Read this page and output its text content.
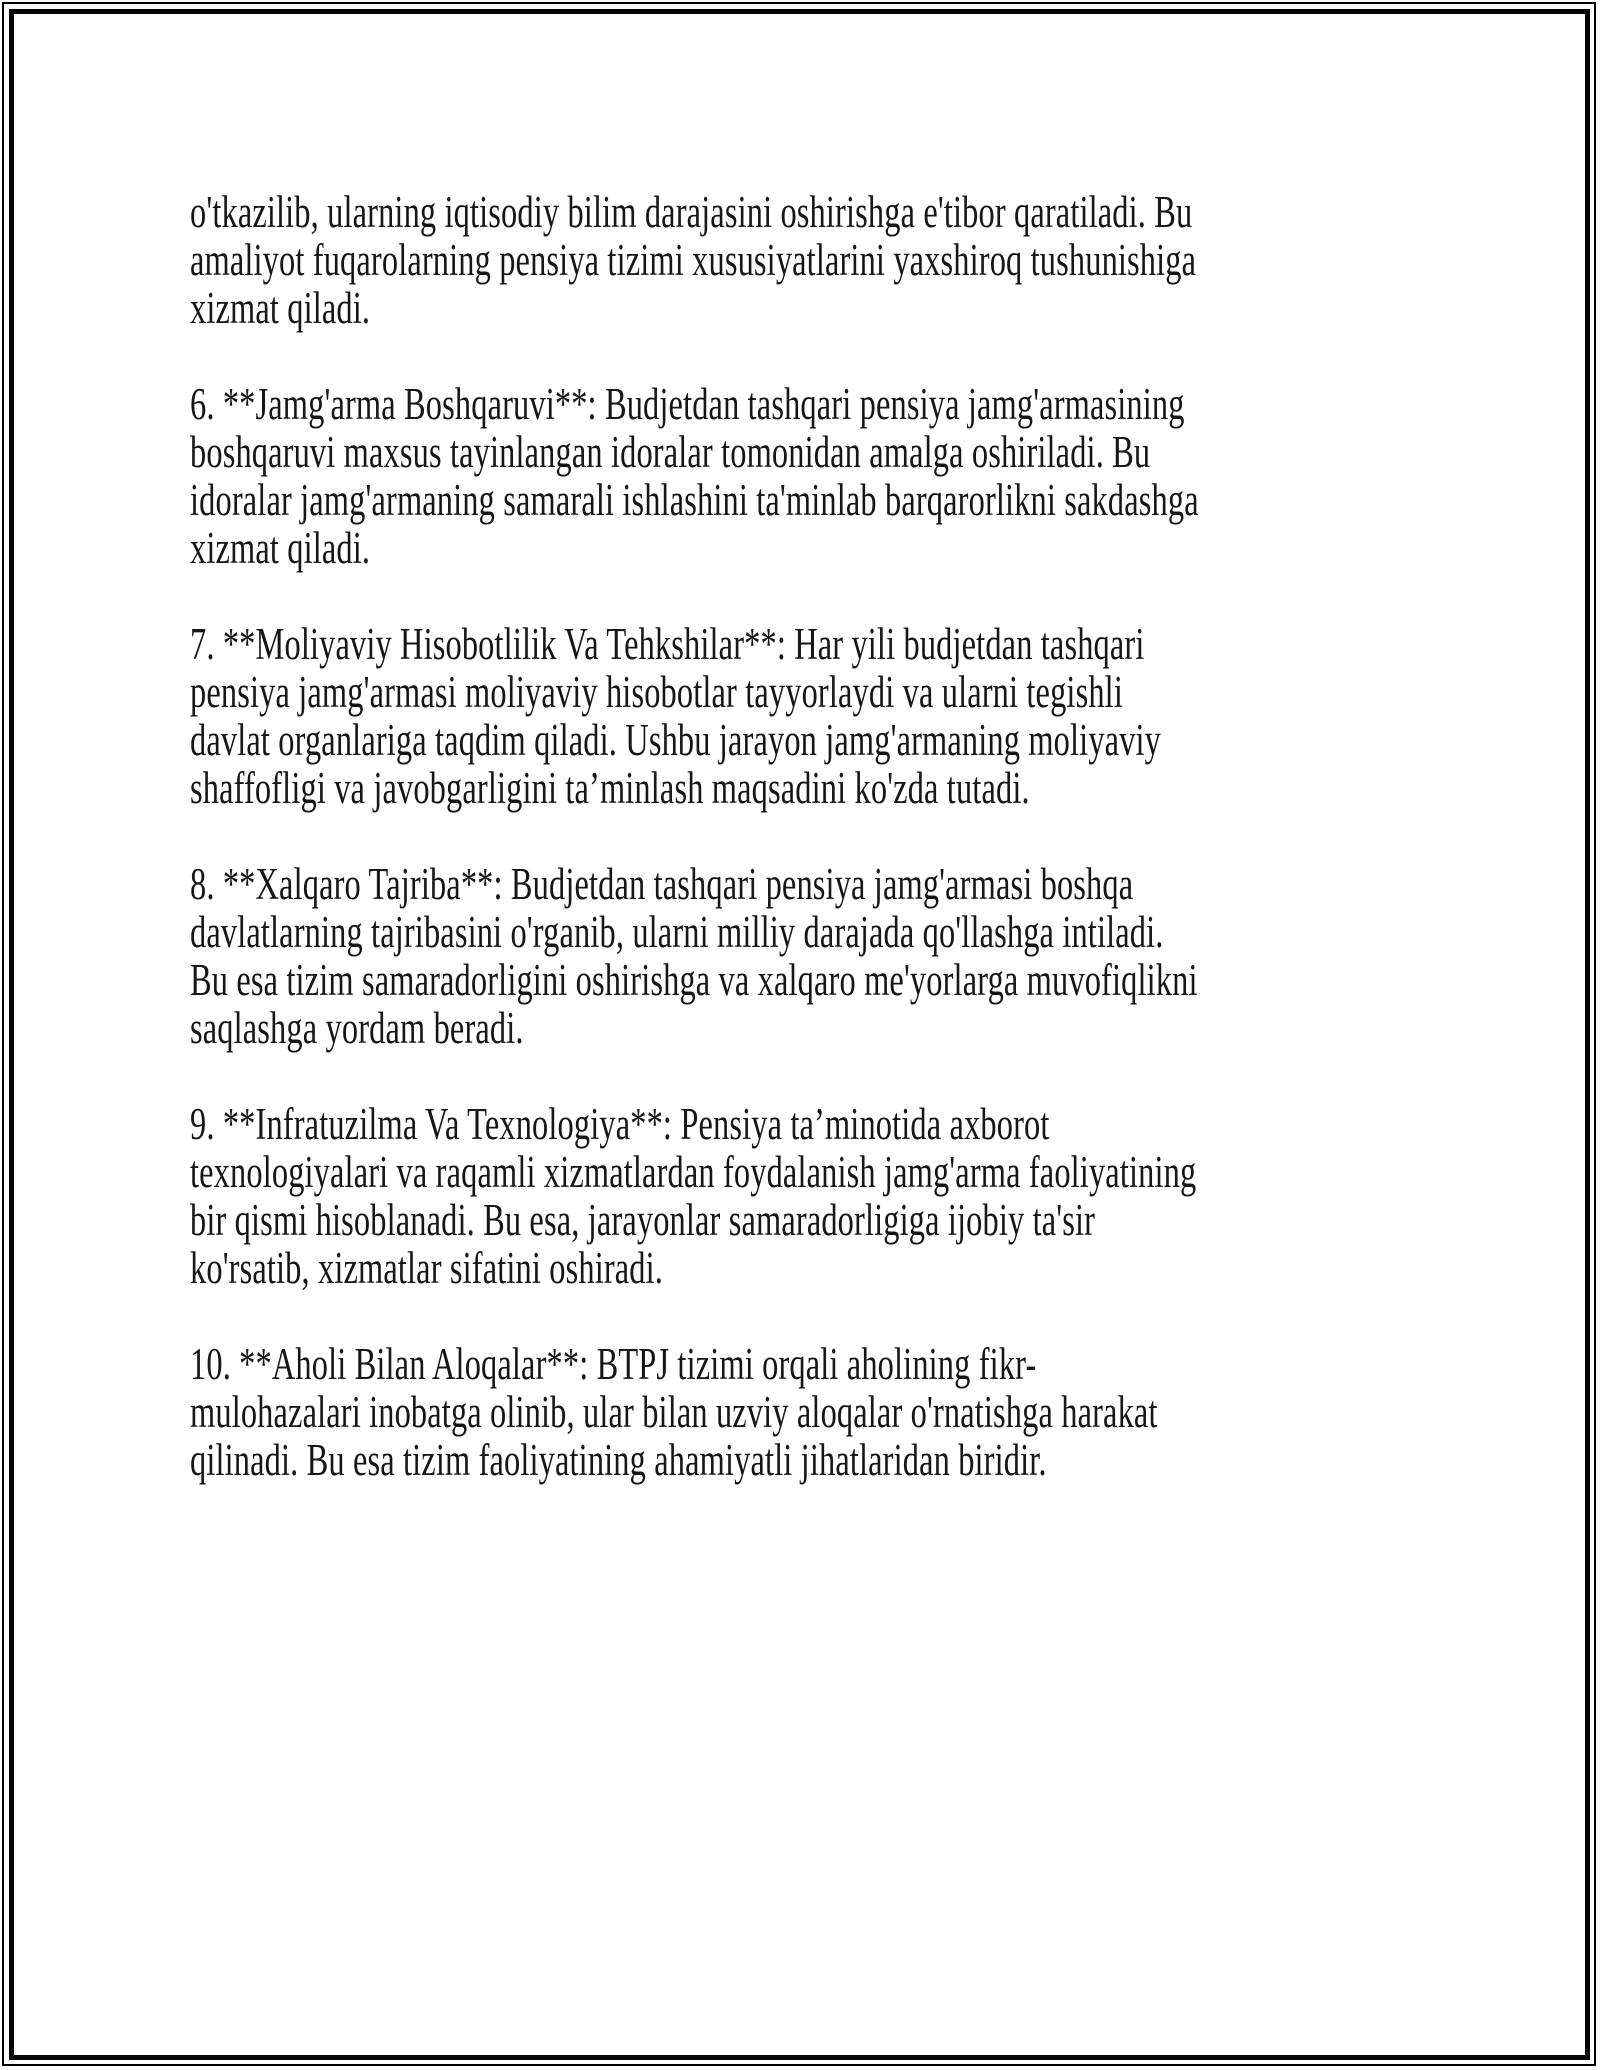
o'tkazilib, ularning iqtisodiy bilim darajasini oshirishga e'tibor qaratiladi. Bu
amaliyot fuqarolarning pensiya tizimi xususiyatlarini yaxshiroq tushunishiga
xizmat qiladi.
6. **Jamg'arma Boshqaruvi**: Budjetdan tashqari pensiya jamg'armasining
boshqaruvi maxsus tayinlangan idoralar tomonidan amalga oshiriladi. Bu
idoralar jamg'armaning samarali ishlashini ta'minlab barqarorlikni sakdashga
xizmat qiladi.
7. **Moliyaviy Hisobotlilik Va Tehkshilar**: Har yili budjetdan tashqari
pensiya jamg'armasi moliyaviy hisobotlar tayyorlaydi va ularni tegishli
davlat organlariga taqdim qiladi. Ushbu jarayon jamg'armaning moliyaviy
shaffofligi va javobgarligini ta’minlash maqsadini ko'zda tutadi.
8. **Xalqaro Tajriba**: Budjetdan tashqari pensiya jamg'armasi boshqa
davlatlarning tajribasini o'rganib, ularni milliy darajada qo'llashga intiladi.
Bu esa tizim samaradorligini oshirishga va xalqaro me'yorlarga muvofiqlikni
saqlashga yordam beradi.
9. **Infratuzilma Va Texnologiya**: Pensiya ta’minotida axborot
texnologiyalari va raqamli xizmatlardan foydalanish jamg'arma faoliyatining
bir qismi hisoblanadi. Bu esa, jarayonlar samaradorligiga ijobiy ta'sir
ko'rsatib, xizmatlar sifatini oshiradi.
10. **Aholi Bilan Aloqalar**: BTPJ tizimi orqali aholining fikr-
mulohazalari inobatga olinib, ular bilan uzviy aloqalar o'rnatishga harakat
qilinadi. Bu esa tizim faoliyatining ahamiyatli jihatlaridan biridir.
